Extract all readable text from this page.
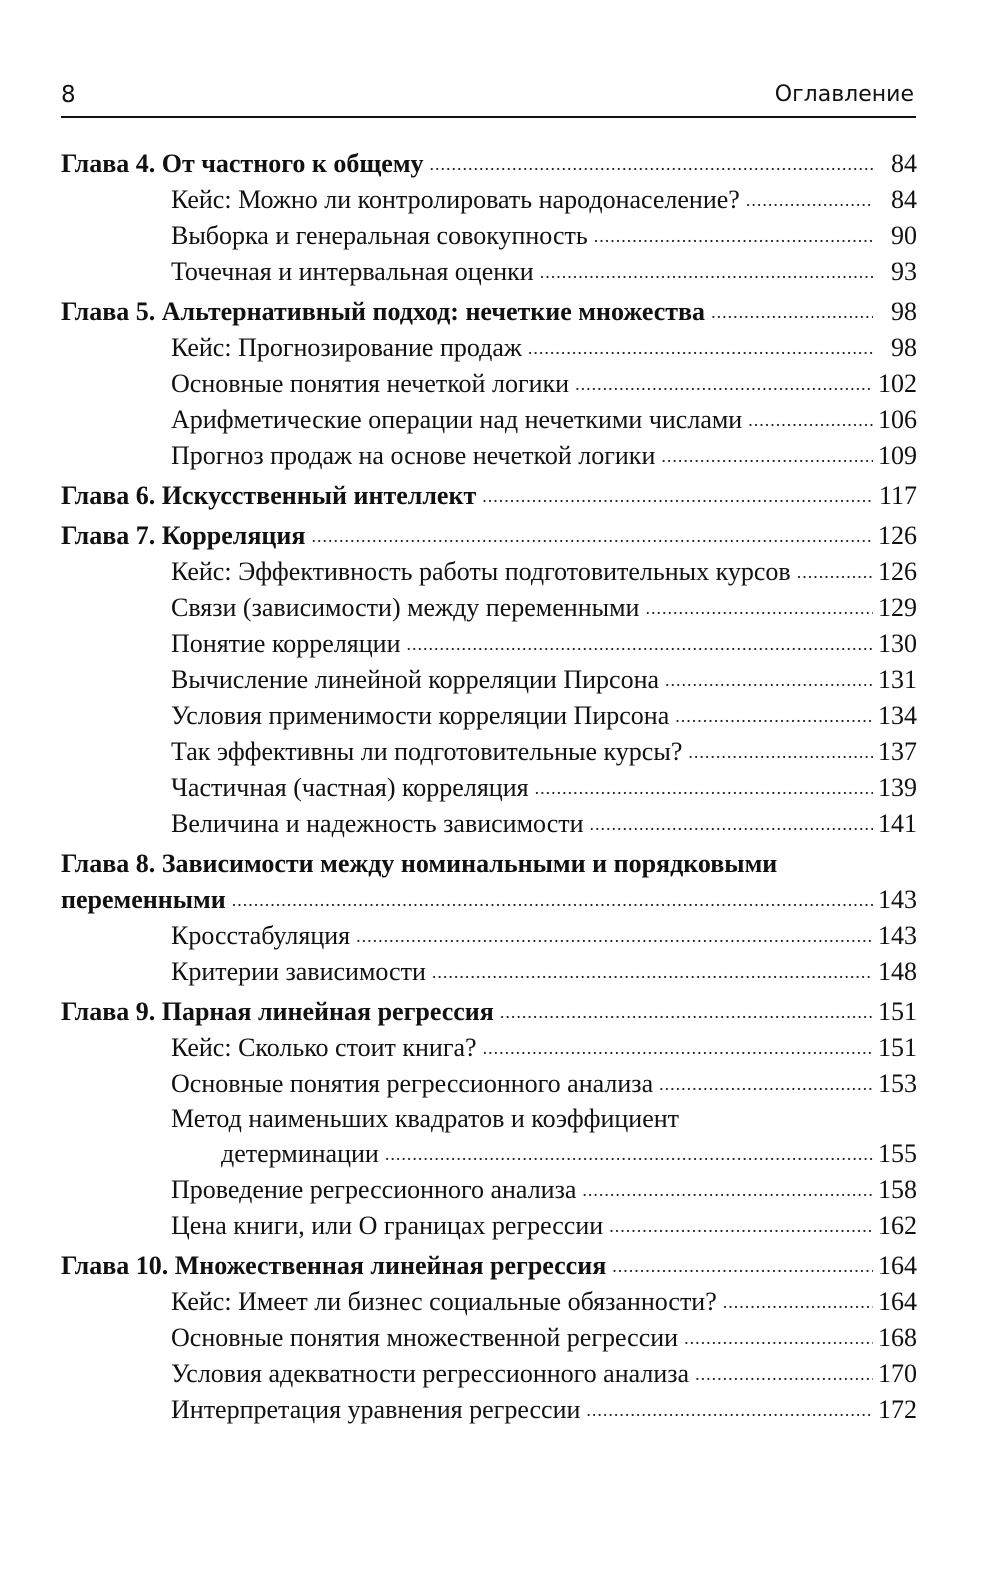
8	Оглавление
Глава 4. От частного к общему .....	84
Кейс: Можно ли контролировать народонаселение? .....	84
Выборка и генеральная совокупность .....	90
Точечная и интервальная оценки .....	93
Глава 5. Альтернативный подход: нечеткие множества .....	98
Кейс: Прогнозирование продаж .....	98
Основные понятия нечеткой логики .....	102
Арифметические операции над нечеткими числами .....	106
Прогноз продаж на основе нечеткой логики .....	109
Глава 6. Искусственный интеллект .....	117
Глава 7. Корреляция .....	126
Кейс: Эффективность работы подготовительных курсов .....	126
Связи (зависимости) между переменными .....	129
Понятие корреляции .....	130
Вычисление линейной корреляции Пирсона .....	131
Условия применимости корреляции Пирсона .....	134
Так эффективны ли подготовительные курсы? .....	137
Частичная (частная) корреляция .....	139
Величина и надежность зависимости .....	141
Глава 8. Зависимости между номинальными и порядковыми
переменными .....	143
Кросстабуляция .....	143
Критерии зависимости .....	148
Глава 9. Парная линейная регрессия .....	151
Кейс: Сколько стоит книга? .....	151
Основные понятия регрессионного анализа .....	153
Метод наименьших квадратов и коэффициент
детерминации .....	155
Проведение регрессионного анализа .....	158
Цена книги, или О границах регрессии .....	162
Глава 10. Множественная линейная регрессия .....	164
Кейс: Имеет ли бизнес социальные обязанности? .....	164
Основные понятия множественной регрессии .....	168
Условия адекватности регрессионного анализа .....	170
Интерпретация уравнения регрессии .....	172
